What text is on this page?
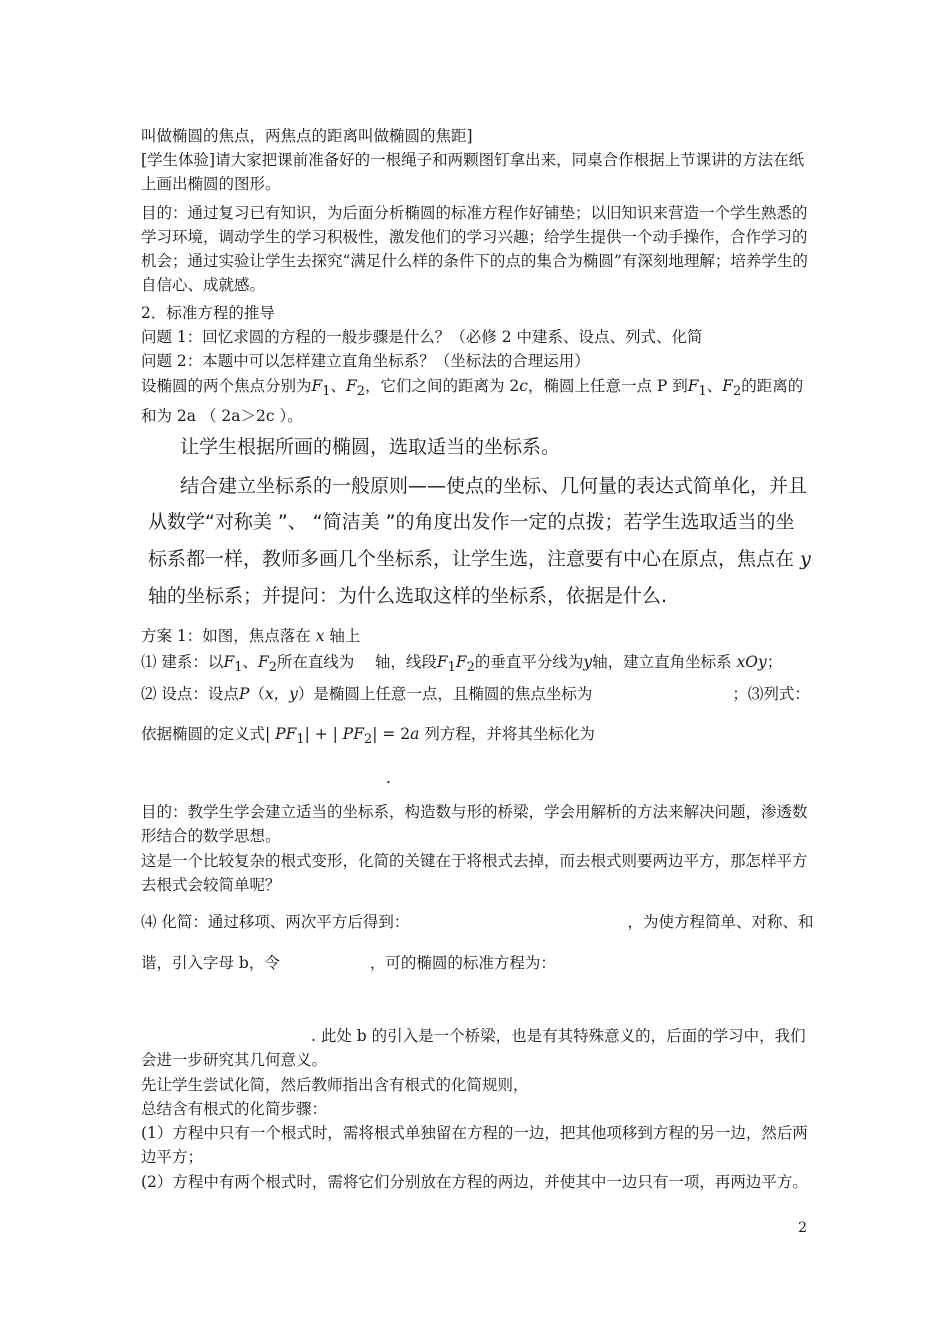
叫做椭圆的焦点，两焦点的距离叫做椭圆的焦距]

[学生体验]请大家把课前准备好的一根绳子和两颗图钉拿出来，同桌合作根据上节课讲的方法在纸上画出椭圆的图形。

目的：通过复习已有知识，为后面分析椭圆的标准方程作好铺垫；以旧知识来营造一个学生熟悉的学习环境，调动学生的学习积极性，激发他们的学习兴趣；给学生提供一个动手操作，合作学习的机会；通过实验让学生去探究“满足什么样的条件下的点的集合为椭圆”有深刻地理解；培养学生的自信心、成就感。

2．标准方程的推导

问题 1：回忆求圆的方程的一般步骤是什么？（必修 2 中建系、设点、列式、化简

问题 2：本题中可以怎样建立直角坐标系？（坐标法的合理运用）

设椭圆的两个焦点分别为$F_1$、$F_2$，它们之间的距离为 2c，椭圆上任意一点 P 到$F_1$、$F_2$的距离的和为 2a （ 2a＞2c ）。

让学生根据所画的椭圆，选取适当的坐标系。

结合建立坐标系的一般原则——使点的坐标、几何量的表达式简单化，并且

从数学“对称美 ”、 “简洁美 ”的角度出发作一定的点拨；若学生选取适当的坐

标系都一样，教师多画几个坐标系，让学生选，注意要有中心在原点，焦点在 y

轴的坐标系；并提问：为什么选取这样的坐标系，依据是什么.

方案 1：如图，焦点落在 x 轴上

⑴ 建系：以$F_1$、$F_2$所在直线为　 轴，线段$F_1F_2$的垂直平分线为y轴，建立直角坐标系 xOy；

⑵ 设点：设点P（x，y）是椭圆上任意一点，且椭圆的焦点坐标为	；⑶列式：

依据椭圆的定义式| $PF_1|$ + | $PF_2| = 2a$ 列方程，并将其坐标化为

.

目的：教学生学会建立适当的坐标系，构造数与形的桥梁，学会用解析的方法来解决问题，渗透数形结合的数学思想。

这是一个比较复杂的根式变形，化简的关键在于将根式去掉，而去根式则要两边平方，那怎样平方去根式会较简单呢？

⑷ 化简：通过移项、两次平方后得到：	，为使方程简单、对称、和

谐，引入字母 b，令	，可的椭圆的标准方程为：

. 此处 b 的引入是一个桥梁，也是有其特殊意义的，后面的学习中，我们会进一步研究其几何意义。

先让学生尝试化简，然后教师指出含有根式的化简规则，

总结含有根式的化简步骤：

(1）方程中只有一个根式时，需将根式单独留在方程的一边，把其他项移到方程的另一边，然后两边平方；

(2）方程中有两个根式时，需将它们分别放在方程的两边，并使其中一边只有一项，再两边平方。

2
